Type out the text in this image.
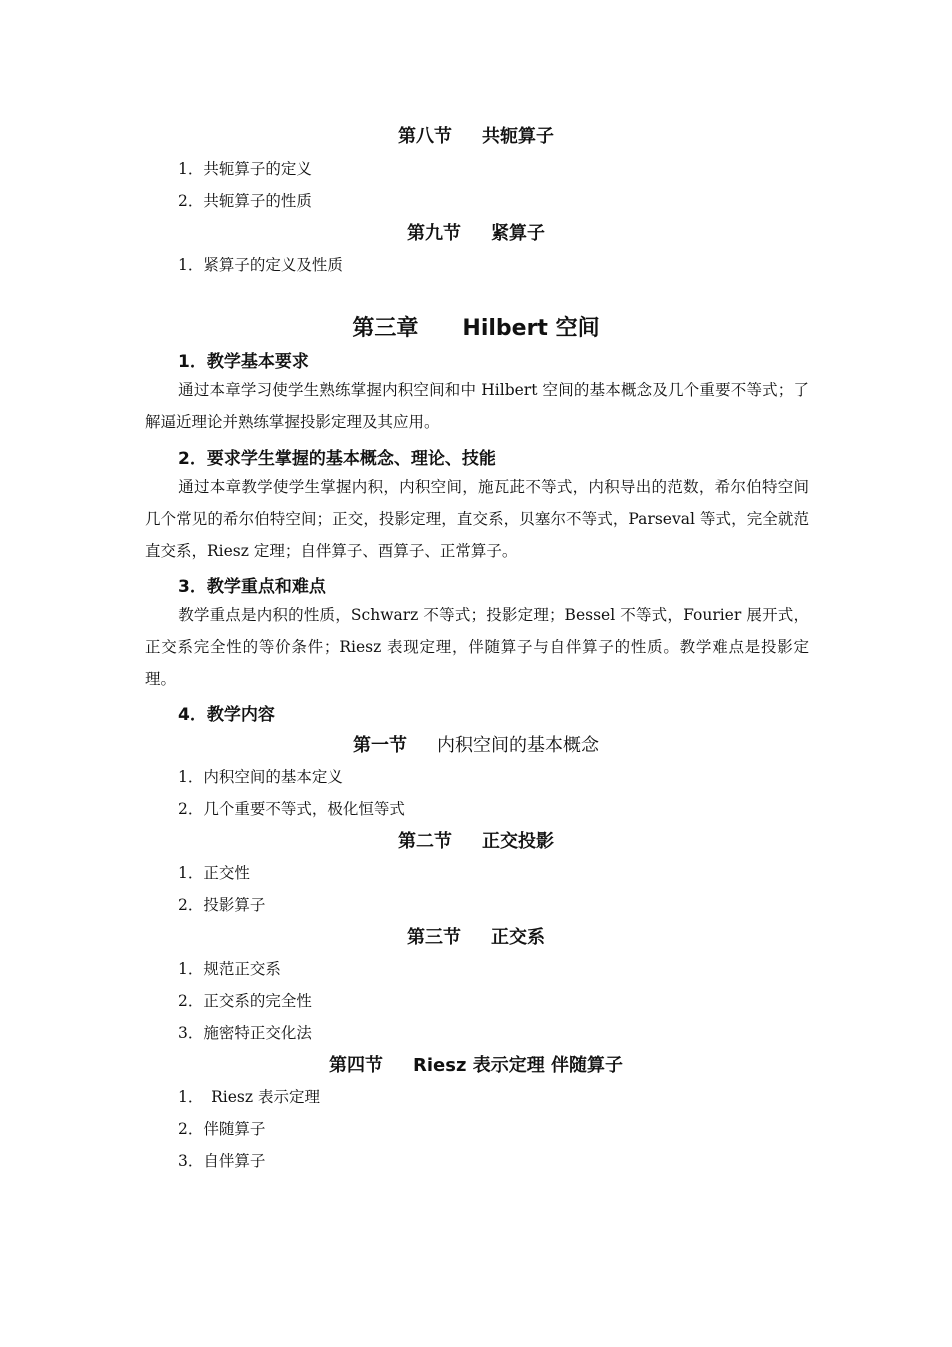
第八节 共轭算子
1．共轭算子的定义
2．共轭算子的性质
第九节 紧算子
1．紧算子的定义及性质
第三章 Hilbert 空间
1．教学基本要求
通过本章学习使学生熟练掌握内积空间和中 Hilbert 空间的基本概念及几个重要不等式；了解逼近理论并熟练掌握投影定理及其应用。
2．要求学生掌握的基本概念、理论、技能
通过本章教学使学生掌握内积，内积空间，施瓦茈不等式，内积导出的范数，希尔伯特空间　几个常见的希尔伯特空间；正交，投影定理，直交系，贝塞尔不等式，Parseval 等式，完全就范直交系，Riesz 定理；自伴算子、酉算子、正常算子。
3．教学重点和难点
教学重点是内积的性质，Schwarz 不等式；投影定理；Bessel 不等式，Fourier 展开式，正交系完全性的等价条件；Riesz 表现定理，伴随算子与自伴算子的性质。教学难点是投影定理。
4．教学内容
第一节 内积空间的基本概念
1．内积空间的基本定义
2．几个重要不等式，极化恒等式
第二节 正交投影
1．正交性
2．投影算子
第三节 正交系
1．规范正交系
2．正交系的完全性
3．施密特正交化法
第四节 Riesz 表示定理 伴随算子
1．　Riesz 表示定理
2．伴随算子
3．自伴算子
